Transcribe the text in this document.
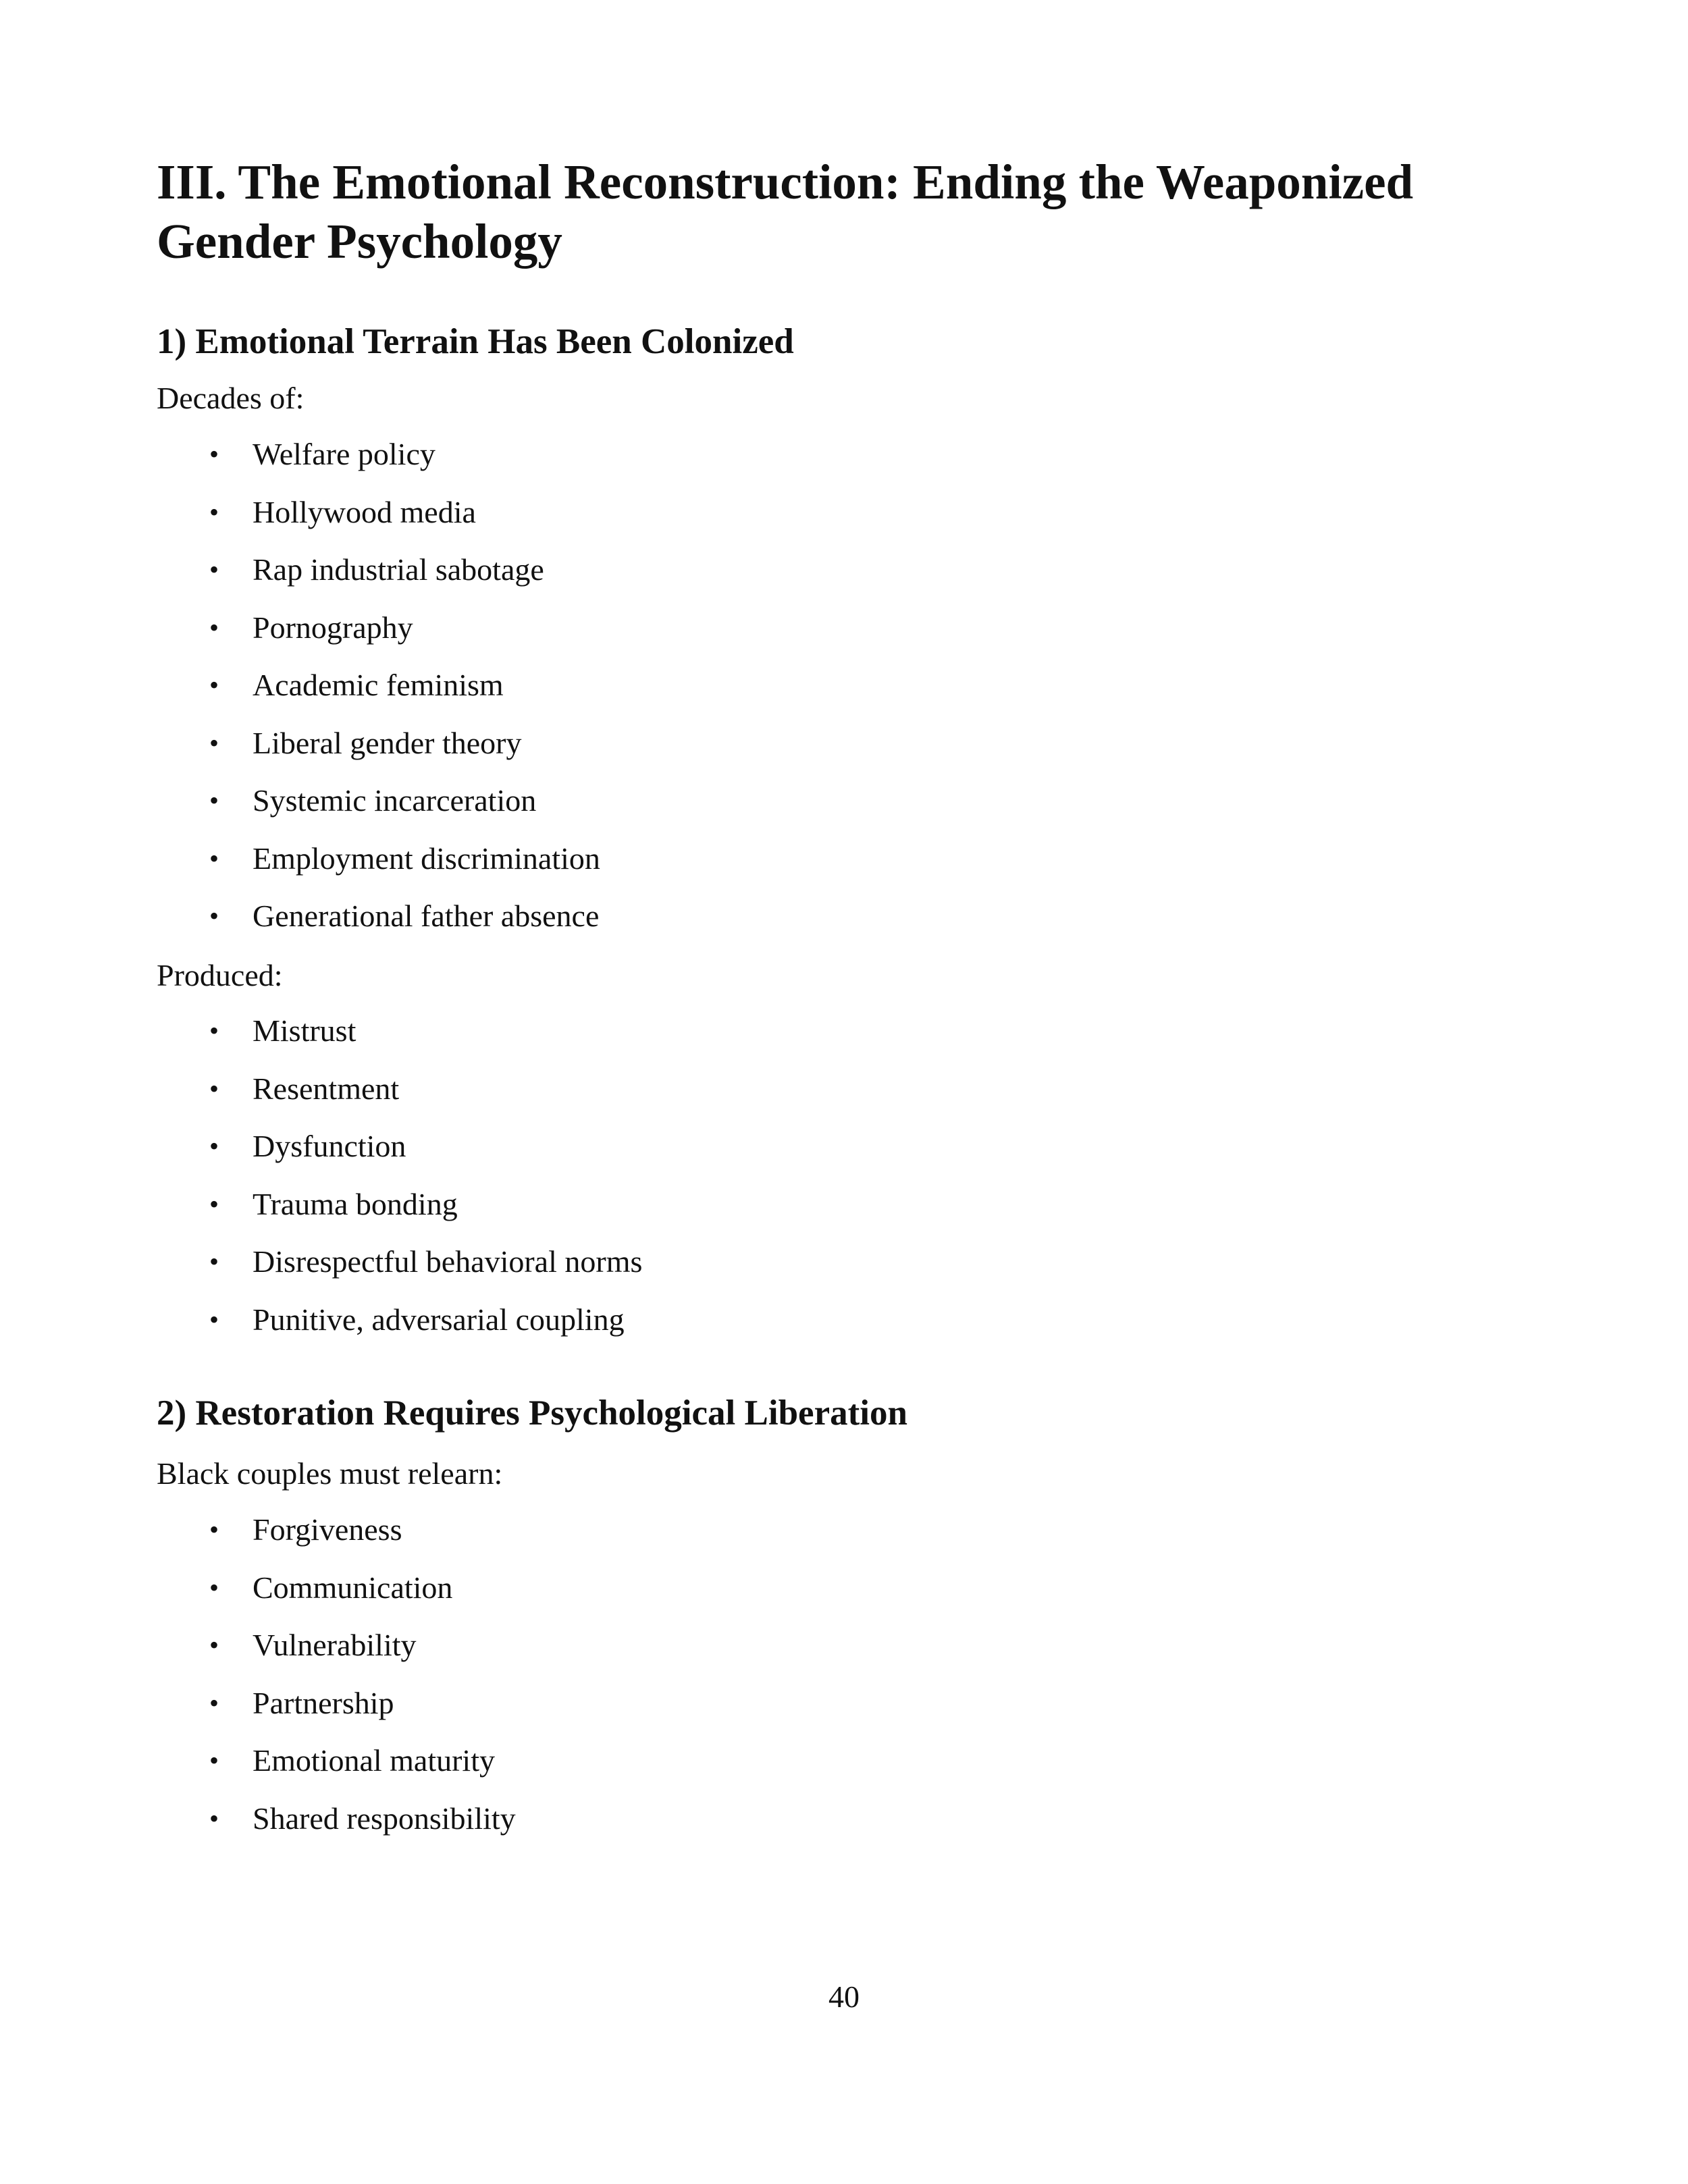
III. The Emotional Reconstruction: Ending the Weaponized Gender Psychology
1) Emotional Terrain Has Been Colonized

Decades of:

• Welfare policy
• Hollywood media
• Rap industrial sabotage
• Pornography
• Academic feminism
• Liberal gender theory
• Systemic incarceration
• Employment discrimination
• Generational father absence

Produced:

• Mistrust
• Resentment
• Dysfunction
• Trauma bonding
• Disrespectful behavioral norms
• Punitive, adversarial coupling
2) Restoration Requires Psychological Liberation

Black couples must relearn:

• Forgiveness
• Communication
• Vulnerability
• Partnership
• Emotional maturity
• Shared responsibility
40
